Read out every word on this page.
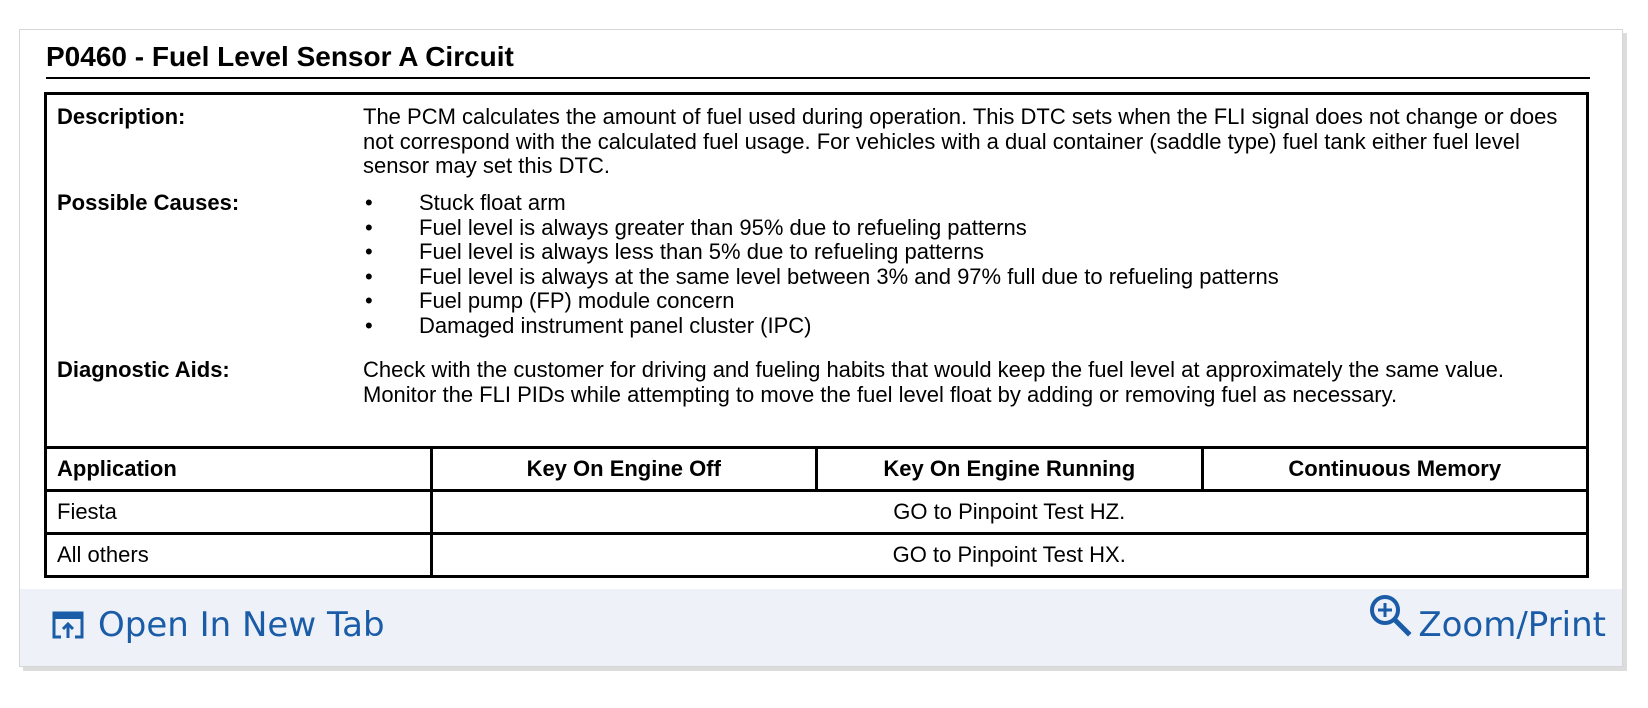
P0460 - Fuel Level Sensor A Circuit
Description:	The PCM calculates the amount of fuel used during operation. This DTC sets when the FLI signal does not change or does not correspond with the calculated fuel usage. For vehicles with a dual container (saddle type) fuel tank either fuel level sensor may set this DTC.
Possible Causes:	• Stuck float arm
• Fuel level is always greater than 95% due to refueling patterns
• Fuel level is always less than 5% due to refueling patterns
• Fuel level is always at the same level between 3% and 97% full due to refueling patterns
• Fuel pump (FP) module concern
• Damaged instrument panel cluster (IPC)
Diagnostic Aids:	Check with the customer for driving and fueling habits that would keep the fuel level at approximately the same value. Monitor the FLI PIDs while attempting to move the fuel level float by adding or removing fuel as necessary.
Application	Key On Engine Off	Key On Engine Running	Continuous Memory
Fiesta	GO to Pinpoint Test HZ.		
All others	GO to Pinpoint Test HX.		
Open In New Tab	Zoom/Print
